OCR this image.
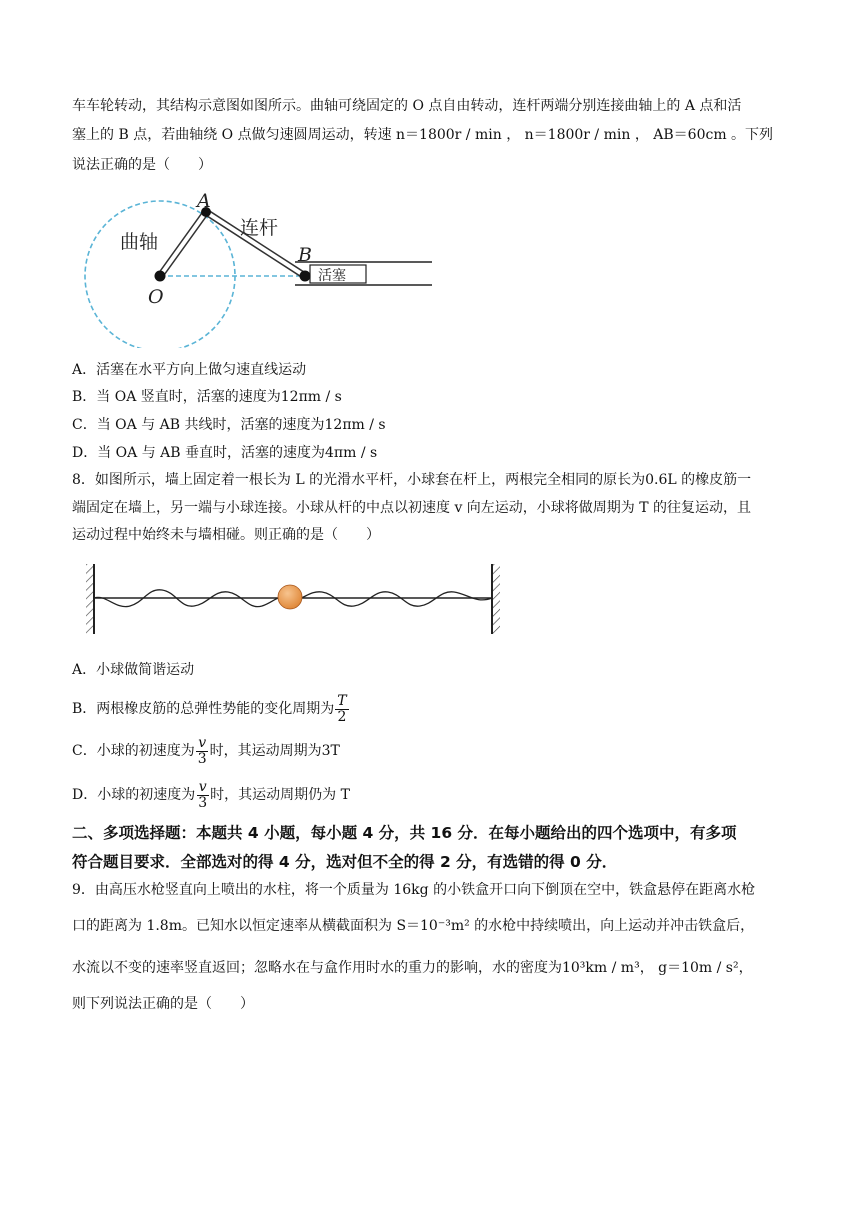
车车轮转动，其结构示意图如图所示。曲轴可绕固定的 O 点自由转动，连杆两端分别连接曲轴上的 A 点和活
塞上的 B 点，若曲轴绕 O 点做匀速圆周运动，转速 n＝1800r / min ， n＝1800r / min ， AB＝60cm 。下列
说法正确的是（　　）
曲轴
连杆
活塞
A
B
O
A．活塞在水平方向上做匀速直线运动
B．当 OA 竖直时，活塞的速度为12πm / s
C．当 OA 与 AB 共线时，活塞的速度为12πm / s
D．当 OA 与 AB 垂直时，活塞的速度为4πm / s
8．如图所示，墙上固定着一根长为 L 的光滑水平杆，小球套在杆上，两根完全相同的原长为0.6L 的橡皮筋一
端固定在墙上，另一端与小球连接。小球从杆的中点以初速度 v 向左运动，小球将做周期为 T 的往复运动，且
运动过程中始终未与墙相碰。则正确的是（　　）
A．小球做简谐运动
B．两根橡皮筋的总弹性势能的变化周期为 $\frac{T}{2}$
C．小球的初速度为 $\frac{v}{3}$ 时，其运动周期为3T
D．小球的初速度为 $\frac{v}{3}$ 时，其运动周期仍为 T
二、多项选择题：本题共 4 小题，每小题 4 分，共 16 分．在每小题给出的四个选项中，有多项
符合题目要求．全部选对的得 4 分，选对但不全的得 2 分，有选错的得 0 分．
9．由高压水枪竖直向上喷出的水柱，将一个质量为 16kg 的小铁盒开口向下倒顶在空中，铁盒悬停在距离水枪
口的距离为 1.8m。已知水以恒定速率从横截面积为 S＝10⁻³m² 的水枪中持续喷出，向上运动并冲击铁盒后，
水流以不变的速率竖直返回；忽略水在与盒作用时水的重力的影响，水的密度为10³km / m³， g＝10m / s²，
则下列说法正确的是（　　）
